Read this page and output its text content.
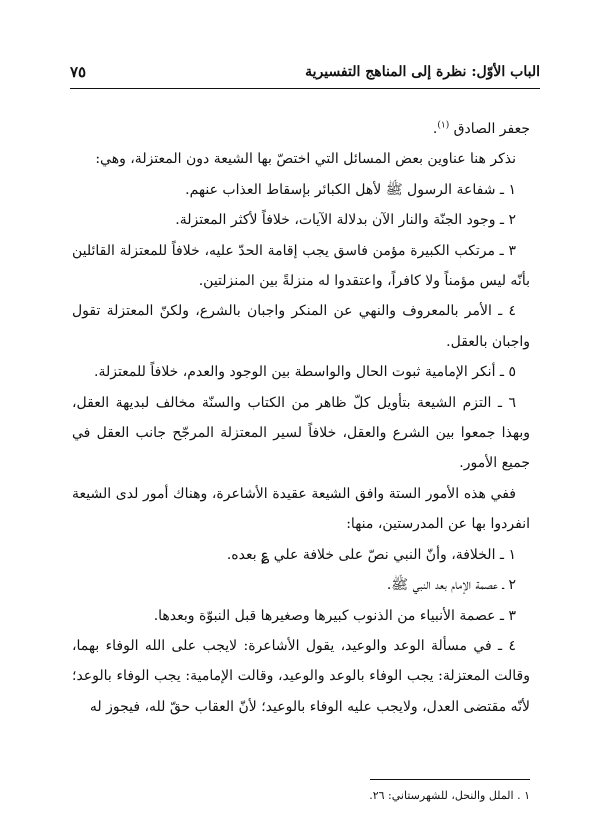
٧٥	الباب الأوّل: نظرة إلى المناهج التفسيرية

جعفر الصادق $^{(١)}$.

نذكر هنا عناوين بعض المسائل التي اختصّ بها الشيعة دون المعتزلة، وهي:

١ ـ شفاعة الرسول ﷺ لأهل الكبائر بإسقاط العذاب عنهم.

٢ ـ وجود الجنّة والنار الآن بدلالة الآيات، خلافاً لأكثر المعتزلة.

٣ ـ مرتكب الكبيرة مؤمن فاسق يجب إقامة الحدّ عليه، خلافاً للمعتزلة القائلين بأنّه ليس مؤمناً ولا كافراً، واعتقدوا له منزلةً بين المنزلتين.

٤ ـ الأمر بالمعروف والنهي عن المنكر واجبان بالشرع، ولكنّ المعتزلة تقول واجبان بالعقل.

٥ ـ أنكر الإمامية ثبوت الحال والواسطة بين الوجود والعدم، خلافاً للمعتزلة.

٦ ـ التزم الشيعة بتأويل كلّ ظاهر من الكتاب والسنّة مخالف لبديهة العقل، وبهذا جمعوا بين الشرع والعقل، خلافاً لسير المعتزلة المرجّح جانب العقل في جميع الأمور.

ففي هذه الأمور الستة وافق الشيعة عقيدة الأشاعرة، وهناك أمور لدى الشيعة انفردوا بها عن المدرستين، منها:

١ ـ الخلافة، وأنّ النبي نصّ على خلافة علي ؏ بعده.

٢ ـ عصمة الإمام بعد النبي ﷺ.

٣ ـ عصمة الأنبياء من الذنوب كبيرها وصغيرها قبل النبوّة وبعدها.

٤ ـ في مسألة الوعد والوعيد، يقول الأشاعرة: لايجب على الله الوفاء بهما، وقالت المعتزلة: يجب الوفاء بالوعد والوعيد، وقالت الإمامية: يجب الوفاء بالوعد؛ لأنّه مقتضى العدل، ولايجب عليه الوفاء بالوعيد؛ لأنّ العقاب حقّ لله، فيجوز له

١ . الملل والنحل، للشهرستاني: ٢٦.
